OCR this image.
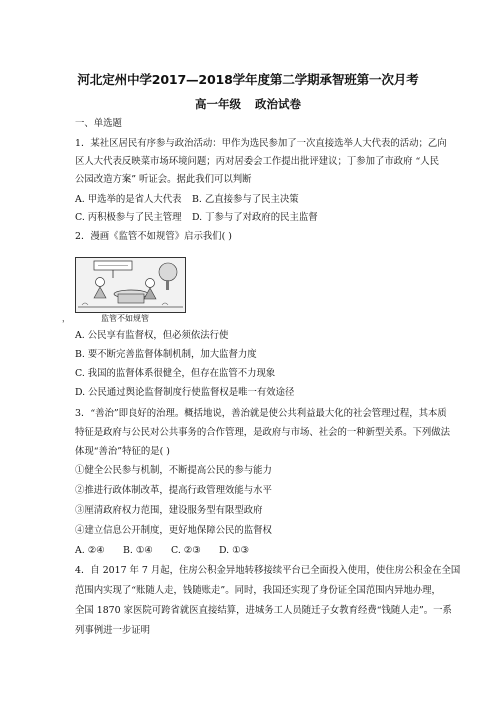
河北定州中学2017—2018学年度第二学期承智班第一次月考
高一年级 政治试卷
一、单选题
1．某社区居民有序参与政治活动：甲作为选民参加了一次直接选举人大代表的活动；乙向
区人大代表反映菜市场环境问题；丙对居委会工作提出批评建议；丁参加了市政府 “人民
公园改造方案” 听证会。据此我们可以判断
A. 甲选举的是省人大代表 B. 乙直接参与了民主决策
C. 丙积极参与了民主管理 D. 丁参与了对政府的民主监督
2．漫画《监管不如规管》启示我们( )
，	监管不如规管
A. 公民享有监督权，但必须依法行使
B. 要不断完善监督体制机制，加大监督力度
C. 我国的监督体系很健全，但存在监管不力现象
D. 公民通过舆论监督制度行使监督权是唯一有效途径
3．“善治”即良好的治理。概括地说，善治就是使公共利益最大化的社会管理过程，其本质
特征是政府与公民对公共事务的合作管理，是政府与市场、社会的一种新型关系。下列做法
体现“善治”特征的是( )
①健全公民参与机制，不断提高公民的参与能力
②推进行政体制改革，提高行政管理效能与水平
③厘清政府权力范围，建设服务型有限型政府
④建立信息公开制度，更好地保障公民的监督权
A. ②④ B. ①④ C. ②③ D. ①③
4．自 2017 年 7 月起，住房公积金异地转移接续平台已全面投入使用，使住房公积金在全国
范围内实现了“账随人走，钱随账走”。同时，我国还实现了身份证全国范围内异地办理，
全国 1870 家医院可跨省就医直接结算，进城务工人员随迁子女教育经费“钱随人走”。一系
列事例进一步证明
